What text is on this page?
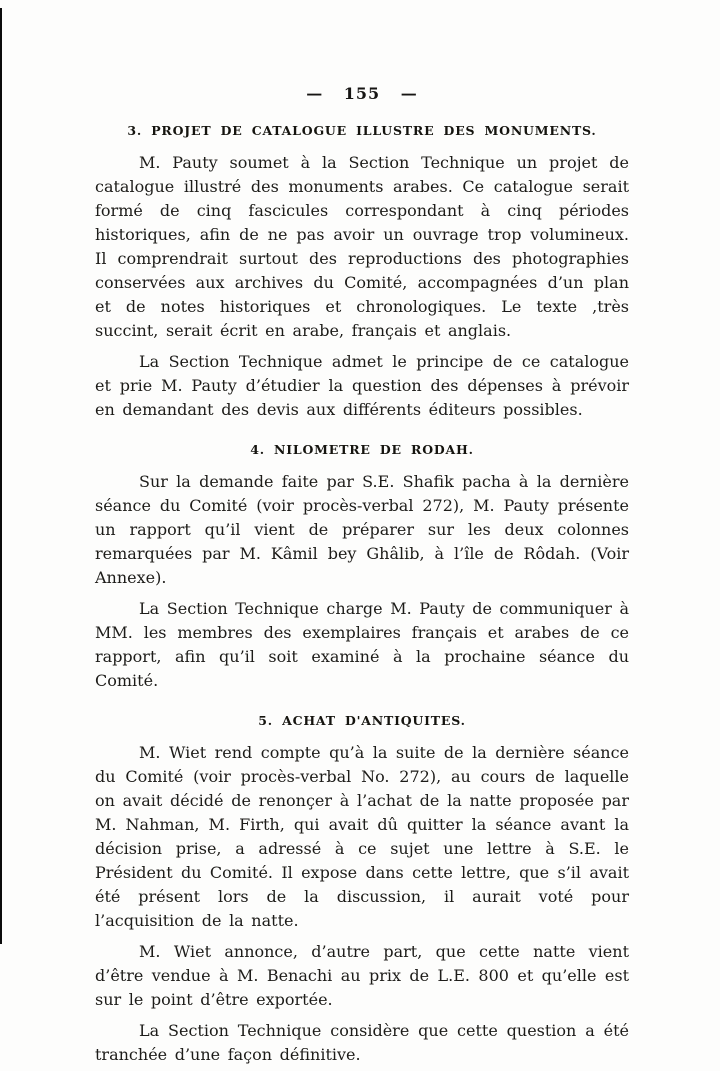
— 155 —
3. PROJET DE CATALOGUE ILLUSTRE DES MONUMENTS.

M. Pauty soumet à la Section Technique un projet de catalogue illustré des monuments arabes. Ce catalogue serait formé de cinq fascicules correspondant à cinq périodes historiques, afin de ne pas avoir un ouvrage trop volumineux. Il comprendrait surtout des reproductions des photographies conservées aux archives du Comité, accompagnées d’un plan et de notes historiques et chronologiques. Le texte ,très succint, serait écrit en arabe, français et anglais.

La Section Technique admet le principe de ce catalogue et prie M. Pauty d’étudier la question des dépenses à prévoir en demandant des devis aux différents éditeurs possibles.

4. NILOMETRE DE RODAH.

Sur la demande faite par S.E. Shafik pacha à la dernière séance du Comité (voir procès-verbal 272), M. Pauty présente un rapport qu’il vient de préparer sur les deux colonnes remarquées par M. Kâmil bey Ghâlib, à l’île de Rôdah. (Voir Annexe).

La Section Technique charge M. Pauty de communiquer à MM. les membres des exemplaires français et arabes de ce rapport, afin qu’il soit examiné à la prochaine séance du Comité.

5. ACHAT D'ANTIQUITES.

M. Wiet rend compte qu’à la suite de la dernière séance du Comité (voir procès-verbal No. 272), au cours de laquelle on avait décidé de renonçer à l’achat de la natte proposée par M. Nahman, M. Firth, qui avait dû quitter la séance avant la décision prise, a adressé à ce sujet une lettre à S.E. le Président du Comité. Il expose dans cette lettre, que s’il avait été présent lors de la discussion, il aurait voté pour l’acquisition de la natte.

M. Wiet annonce, d’autre part, que cette natte vient d’être vendue à M. Benachi au prix de L.E. 800 et qu’elle est sur le point d’être exportée.

La Section Technique considère que cette question a été tranchée d’une façon définitive.
